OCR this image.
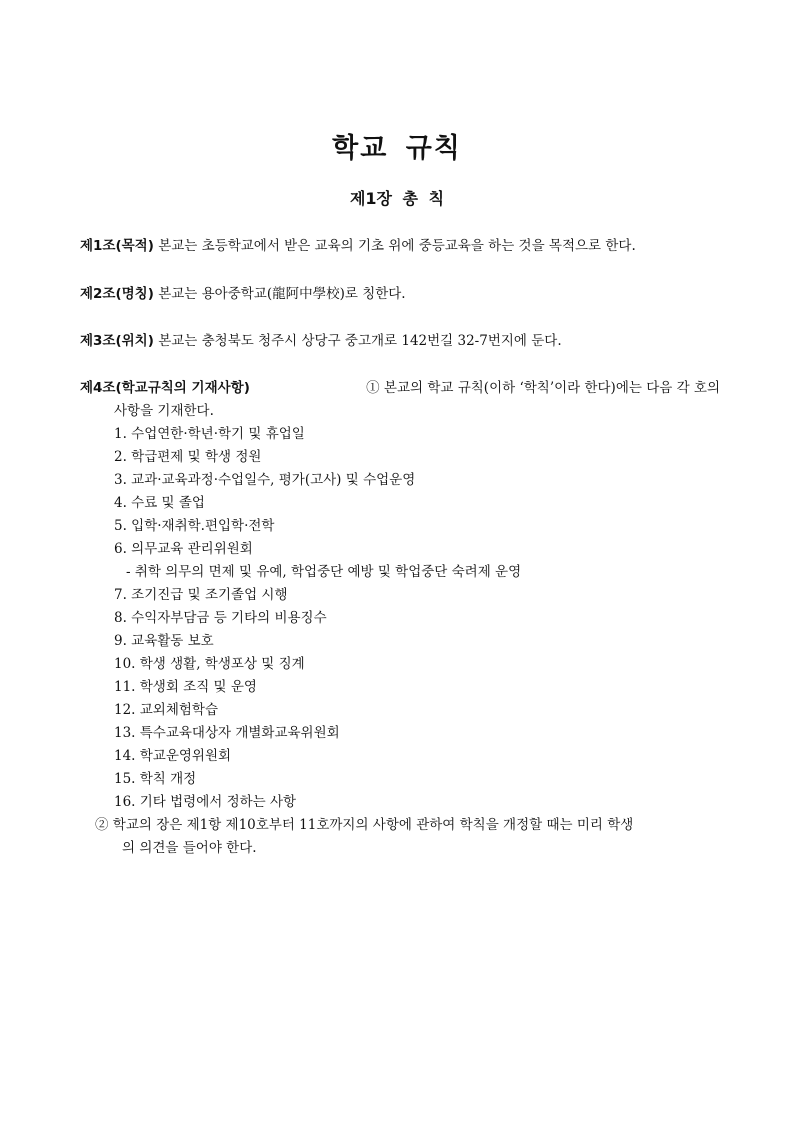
학교 규칙
제1장 총 칙
제1조(목적) 본교는 초등학교에서 받은 교육의 기초 위에 중등교육을 하는 것을 목적으로 한다.
제2조(명칭) 본교는 용아중학교(龍阿中學校)로 칭한다.
제3조(위치) 본교는 충청북도 청주시 상당구 중고개로 142번길 32-7번지에 둔다.
제4조(학교규칙의 기재사항)	① 본교의 학교 규칙(이하 ‘학칙’이라 한다)에는 다음 각 호의
사항을 기재한다.
1. 수업연한·학년·학기 및 휴업일
2. 학급편제 및 학생 정원
3. 교과·교육과정·수업일수, 평가(고사) 및 수업운영
4. 수료 및 졸업
5. 입학·재취학.편입학·전학
6. 의무교육 관리위원회
- 취학 의무의 면제 및 유예, 학업중단 예방 및 학업중단 숙려제 운영
7. 조기진급 및 조기졸업 시행
8. 수익자부담금 등 기타의 비용징수
9. 교육활동 보호
10. 학생 생활, 학생포상 및 징계
11. 학생회 조직 및 운영
12. 교외체험학습
13. 특수교육대상자 개별화교육위원회
14. 학교운영위원회
15. 학칙 개정
16. 기타 법령에서 정하는 사항
② 학교의 장은 제1항 제10호부터 11호까지의 사항에 관하여 학칙을 개정할 때는 미리 학생
의 의견을 들어야 한다.
